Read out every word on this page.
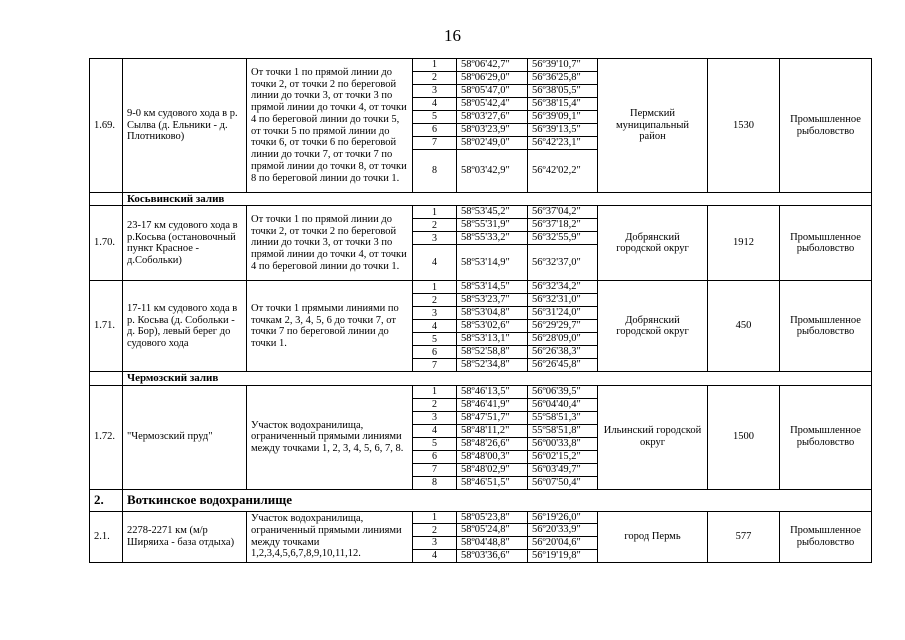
16
1.69.	9-0 км судового хода в р. Сылва (д. Ельники - д. Плотниково)	От точки 1 по прямой линии до точки 2, от точки 2 по береговой линии до точки 3, от точки 3 по прямой линии до точки 4, от точки 4 по береговой линии до точки 5, от точки 5 по прямой линии до точки 6, от точки 6 по береговой линии до точки 7, от точки 7 по прямой линии до точки 8, от точки 8 по береговой линии до точки 1.	1	58º06'42,7"	56º39'10,7"	Пермский муниципальный район	1530	Промышленное рыболовство
			2	58º06'29,0"	56º36'25,8"			
			3	58º05'47,0"	56º38'05,5"			
			4	58º05'42,4"	56º38'15,4"			
			5	58º03'27,6"	56º39'09,1"			
			6	58º03'23,9"	56º39'13,5"			
			7	58º02'49,0"	56º42'23,1"			
			8	58º03'42,9"	56º42'02,2"			
	Косьвинский залив							
1.70.	23-17 км судового хода в р.Косьва (остановочный пункт Красное - д.Собольки)	От точки 1 по прямой линии до точки 2, от точки 2 по береговой линии до точки 3, от точки 3 по прямой линии до точки 4, от точки 4 по береговой линии до точки 1.	1	58º53'45,2"	56º37'04,2"	Добрянский городской округ	1912	Промышленное рыболовство
			2	58º55'31,9"	56º37'18,2"			
			3	58º55'33,2"	56º32'55,9"			
			4	58º53'14,9"	56º32'37,0"			
1.71.	17-11 км судового хода в р. Косьва (д. Собольки - д. Бор), левый берег до судового хода	От точки 1 прямыми линиями по точкам 2, 3, 4, 5, 6 до точки 7, от точки 7 по береговой линии до точки 1.	1	58º53'14,5"	56º32'34,2"	Добрянский городской округ	450	Промышленное рыболовство
			2	58º53'23,7"	56º32'31,0"			
			3	58º53'04,8"	56º31'24,0"			
			4	58º53'02,6"	56º29'29,7"			
			5	58º53'13,1"	56º28'09,0"			
			6	58º52'58,8"	56º26'38,3"			
			7	58º52'34,8"	56º26'45,8"			
	Чермозский залив							
1.72.	"Чермозский пруд"	Участок водохранилища, ограниченный прямыми линиями между точками 1, 2, 3, 4, 5, 6, 7, 8.	1	58º46'13,5"	56º06'39,5"	Ильинский городской округ	1500	Промышленное рыболовство
			2	58º46'41,9"	56º04'40,4"			
			3	58º47'51,7"	55º58'51,3"			
			4	58º48'11,2"	55º58'51,8"			
			5	58º48'26,6"	56º00'33,8"			
			6	58º48'00,3"	56º02'15,2"			
			7	58º48'02,9"	56º03'49,7"			
			8	58º46'51,5"	56º07'50,4"			
2.	Воткинское водохранилище							
2.1.	2278-2271 км (м/р Ширяиха - база отдыха)	Участок водохранилища, ограниченный прямыми линиями между точками 1,2,3,4,5,6,7,8,9,10,11,12.	1	58º05'23,8"	56º19'26,0"	город Пермь	577	Промышленное рыболовство
			2	58º05'24,8"	56º20'33,9"			
			3	58º04'48,8"	56º20'04,6"			
			4	58º03'36,6"	56º19'19,8"			
